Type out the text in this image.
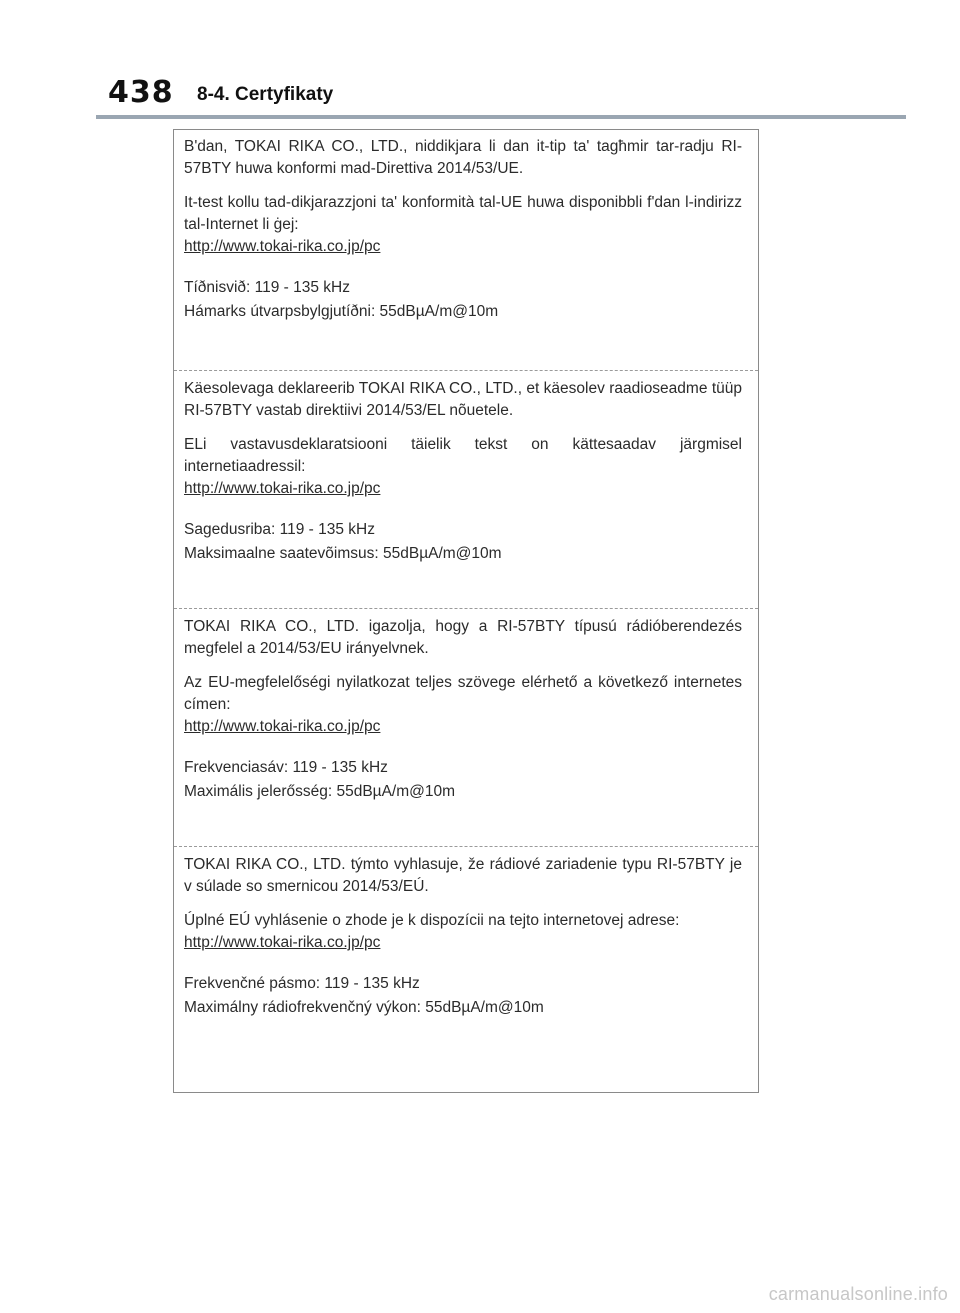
438 8-4. Certyfikaty

B'dan, TOKAI RIKA CO., LTD., niddikjara li dan it-tip ta' tagħmir tar-radju RI-57BTY huwa konformi mad-Direttiva 2014/53/UE.

It-test kollu tad-dikjarazzjoni ta' konformità tal-UE huwa disponibbli f'dan l-indirizz tal-Internet li ġej:

http://www.tokai-rika.co.jp/pc

Tíðnisvið: 119 - 135 kHz

Hámarks útvarpsbylgjutíðni: 55dBµA/m@10m

Käesolevaga deklareerib TOKAI RIKA CO., LTD., et käesolev raadioseadme tüüp RI-57BTY vastab direktiivi 2014/53/EL nõuetele.

ELi vastavusdeklaratsiooni täielik tekst on kättesaadav järgmisel internetiaadressil:

http://www.tokai-rika.co.jp/pc

Sagedusriba: 119 - 135 kHz

Maksimaalne saatevõimsus: 55dBµA/m@10m

TOKAI RIKA CO., LTD. igazolja, hogy a RI-57BTY típusú rádióberendezés megfelel a 2014/53/EU irányelvnek.

Az EU-megfelelőségi nyilatkozat teljes szövege elérhető a következő internetes címen:

http://www.tokai-rika.co.jp/pc

Frekvenciasáv: 119 - 135 kHz

Maximális jelerősség: 55dBµA/m@10m

TOKAI RIKA CO., LTD. týmto vyhlasuje, že rádiové zariadenie typu RI-57BTY je v súlade so smernicou 2014/53/EÚ.

Úplné EÚ vyhlásenie o zhode je k dispozícii na tejto internetovej adrese:

http://www.tokai-rika.co.jp/pc

Frekvenčné pásmo: 119 - 135 kHz

Maximálny rádiofrekvenčný výkon: 55dBµA/m@10m

carmanualsonline.info
